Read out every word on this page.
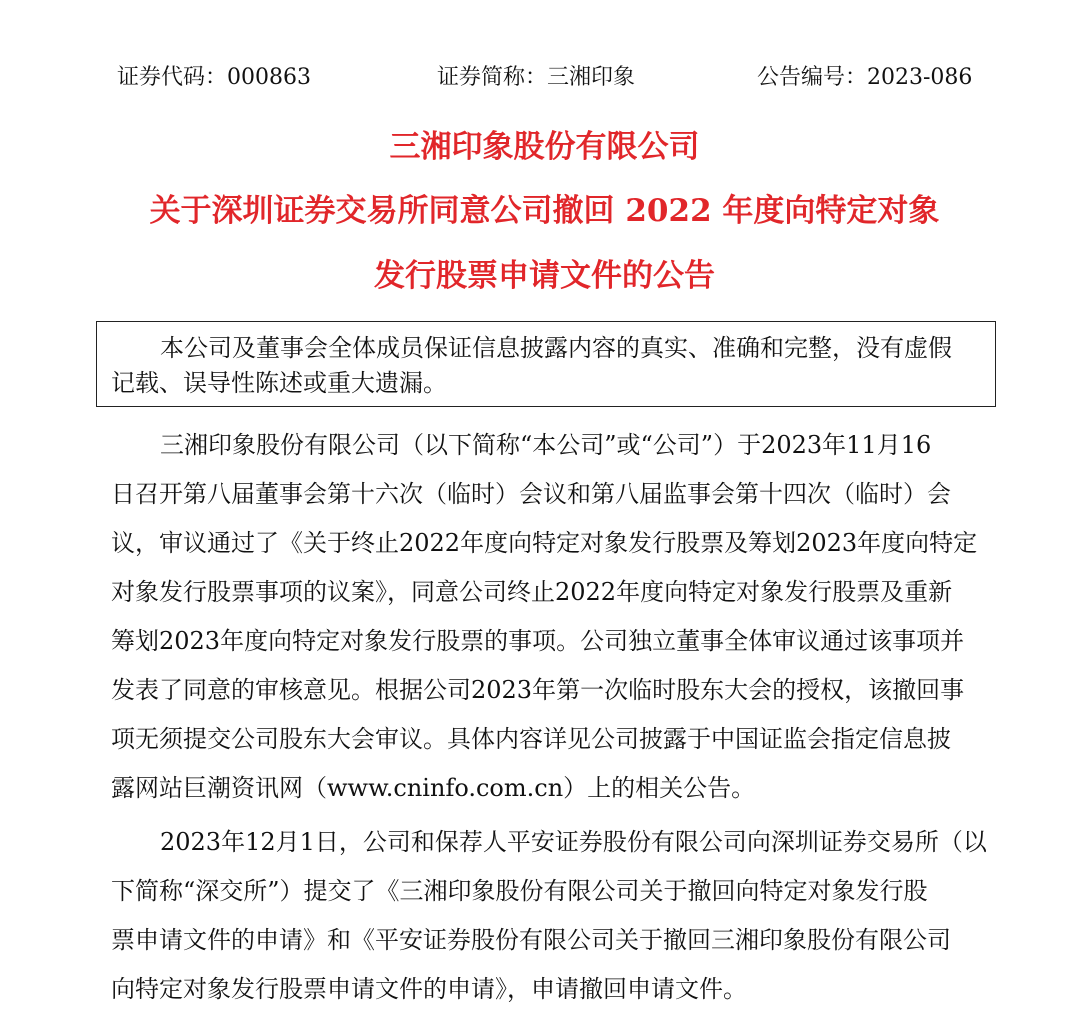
证券代码：000863	证券简称：三湘印象	公告编号：2023-086
三湘印象股份有限公司
关于深圳证券交易所同意公司撤回 2022 年度向特定对象
发行股票申请文件的公告
本公司及董事会全体成员保证信息披露内容的真实、准确和完整，没有虚假
记载、误导性陈述或重大遗漏。
三湘印象股份有限公司（以下简称“本公司”或“公司”）于2023年11月16
日召开第八届董事会第十六次（临时）会议和第八届监事会第十四次（临时）会
议，审议通过了《关于终止2022年度向特定对象发行股票及筹划2023年度向特定
对象发行股票事项的议案》，同意公司终止2022年度向特定对象发行股票及重新
筹划2023年度向特定对象发行股票的事项。公司独立董事全体审议通过该事项并
发表了同意的审核意见。根据公司2023年第一次临时股东大会的授权，该撤回事
项无须提交公司股东大会审议。具体内容详见公司披露于中国证监会指定信息披
露网站巨潮资讯网（www.cninfo.com.cn）上的相关公告。
2023年12月1日，公司和保荐人平安证券股份有限公司向深圳证券交易所（以
下简称“深交所”）提交了《三湘印象股份有限公司关于撤回向特定对象发行股
票申请文件的申请》和《平安证券股份有限公司关于撤回三湘印象股份有限公司
向特定对象发行股票申请文件的申请》，申请撤回申请文件。
